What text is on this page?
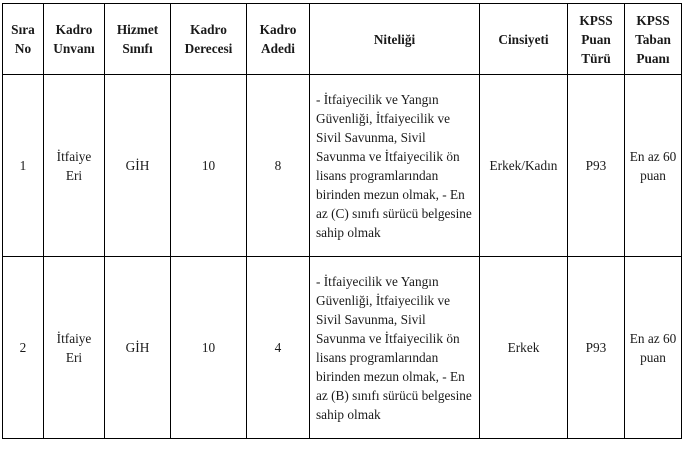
Sıra No	Kadro Unvanı	Hizmet Sınıfı	Kadro Derecesi	Kadro Adedi	Niteliği	Cinsiyeti	KPSS Puan Türü	KPSS Taban Puanı
1	İtfaiye Eri	GİH	10	8	- İtfaiyecilik ve Yangın Güvenliği, İtfaiyecilik ve Sivil Savunma, Sivil Savunma ve İtfaiyecilik ön lisans programlarından birinden mezun olmak, - En az (C) sınıfı sürücü belgesine sahip olmak	Erkek/Kadın	P93	En az 60 puan
2	İtfaiye Eri	GİH	10	4	- İtfaiyecilik ve Yangın Güvenliği, İtfaiyecilik ve Sivil Savunma, Sivil Savunma ve İtfaiyecilik ön lisans programlarından birinden mezun olmak, - En az (B) sınıfı sürücü belgesine sahip olmak	Erkek	P93	En az 60 puan
